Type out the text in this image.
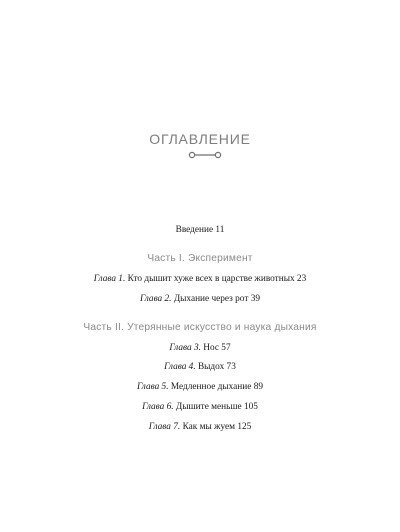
ОГЛАВЛЕНИЕ
Введение 11
Часть I. Эксперимент
Глава 1. Кто дышит хуже всех в царстве животных 23
Глава 2. Дыхание через рот 39
Часть II. Утерянные искусство и наука дыхания
Глава 3. Нос 57
Глава 4. Выдох 73
Глава 5. Медленное дыхание 89
Глава 6. Дышите меньше 105
Глава 7. Как мы жуем 125
